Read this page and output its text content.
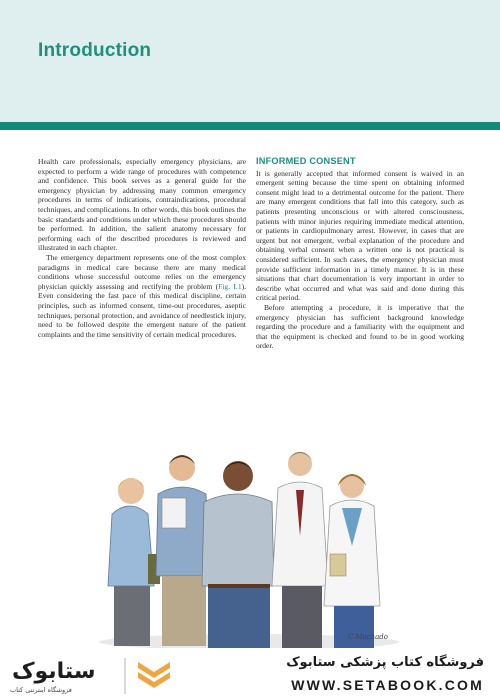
Introduction

Health care professionals, especially emergency physicians, are expected to perform a wide range of procedures with competence and confidence. This book serves as a general guide for the emergency physician by addressing many common emergency procedures in terms of indications, contraindications, procedural techniques, and complications. In other words, this book outlines the basic standards and conditions under which these procedures should be performed. In addition, the salient anatomy necessary for performing each of the described procedures is reviewed and illustrated in each chapter.

The emergency department represents one of the most complex paradigms in medical care because there are many medical conditions whose successful outcome relies on the emergency physician quickly assessing and rectifying the problem (Fig. I.1). Even considering the fast pace of this medical discipline, certain principles, such as informed consent, time-out procedures, aseptic techniques, personal protection, and avoidance of needlestick injury, need to be followed despite the emergent nature of the patient complaints and the time sensitivity of certain medical procedures.

INFORMED CONSENT

It is generally accepted that informed consent is waived in an emergent setting because the time spent on obtaining informed consent might lead to a detrimental outcome for the patient. There are many emergent conditions that fall into this category, such as patients presenting unconscious or with altered consciousness, patients with minor injuries requiring immediate medical attention, or patients in cardiopulmonary arrest. However, in cases that are urgent but not emergent, verbal explanation of the procedure and obtaining verbal consent when a written one is not practical is considered sufficient. In such cases, the emergency physician must provide sufficient information in a timely manner. It is in these situations that chart documentation is very important in order to describe what occurred and what was said and done during this critical period.

Before attempting a procedure, it is imperative that the emergency physician has sufficient background knowledge regarding the procedure and a familiarity with the equipment and that the equipment is checked and found to be in good working order.

C.Machado
ستابوک
فروشگاه اینترنتی کتاب
فروشگاه کتاب پزشکی ستابوک
WWW.SETABOOK.COM
